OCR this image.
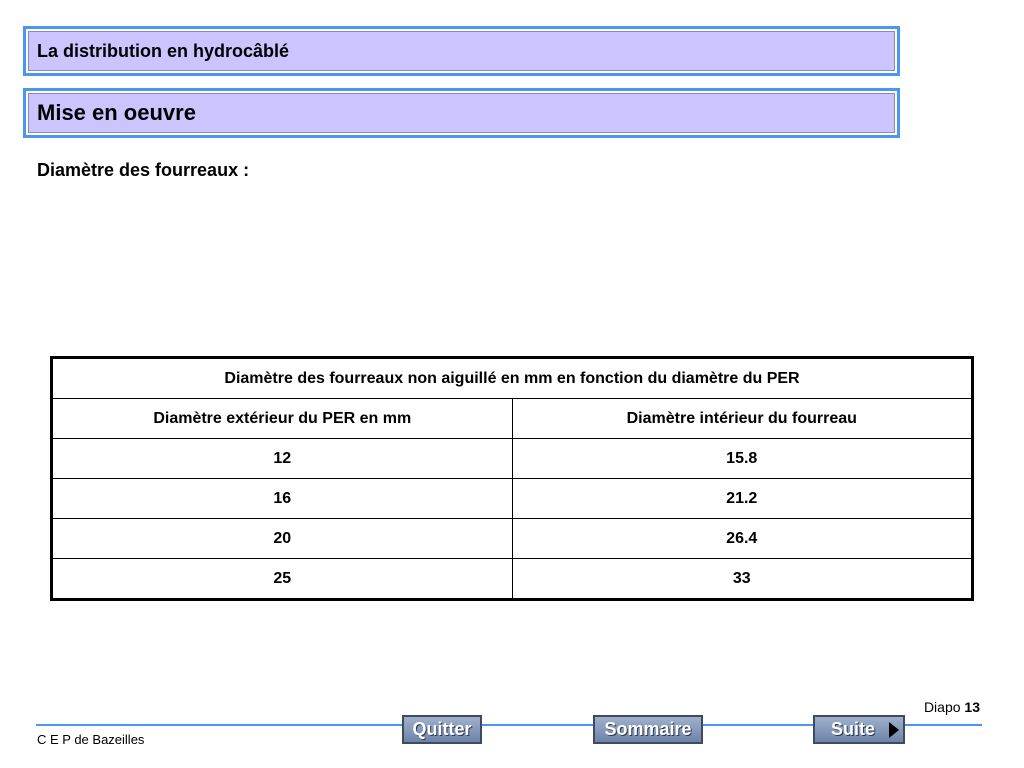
La distribution en hydrocâblé
Mise en oeuvre
Diamètre des fourreaux :
Diamètre des fourreaux non aiguillé en mm en fonction du diamètre du PER	
Diamètre extérieur du PER en mm	Diamètre intérieur du fourreau
12	15.8
16	21.2
20	26.4
25	33
Diapo 13
C E P de Bazeilles
Quitter	Sommaire	Suite
